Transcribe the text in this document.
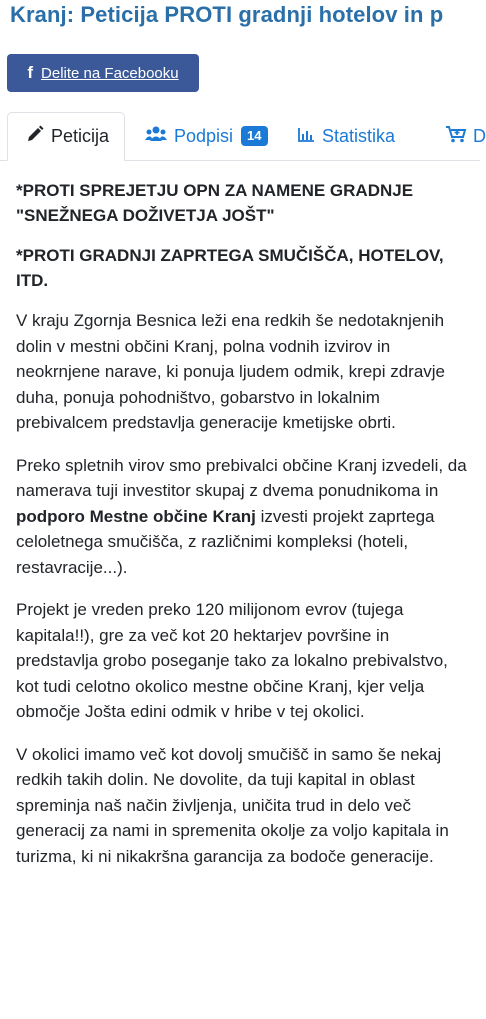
Kranj: Peticija PROTI gradnji hotelov in p
f Delite na Facebooku
Peticija	Podpisi	14	Statistika	D
*PROTI SPREJETJU OPN ZA NAMENE GRADNJE "SNEŽNEGA DOŽIVETJA JOŠT"
*PROTI GRADNJI ZAPRTEGA SMUČIŠČA, HOTELOV, ITD.

V kraju Zgornja Besnica leži ena redkih še nedotaknjenih dolin v mestni občini Kranj, polna vodnih izvirov in neokrnjene narave, ki ponuja ljudem odmik, krepi zdravje duha, ponuja pohodništvo, gobarstvo in lokalnim prebivalcem predstavlja generacije kmetijske obrti.

Preko spletnih virov smo prebivalci občine Kranj izvedeli, da namerava tuji investitor skupaj z dvema ponudnikoma in podporo Mestne občine Kranj izvesti projekt zaprtega celoletnega smučišča, z različnimi kompleksi (hoteli, restavracije...).

Projekt je vreden preko 120 milijonom evrov (tujega kapitala!!), gre za več kot 20 hektarjev površine in predstavlja grobo poseganje tako za lokalno prebivalstvo, kot tudi celotno okolico mestne občine Kranj, kjer velja območje Jošta edini odmik v hribe v tej okolici.

V okolici imamo več kot dovolj smučišč in samo še nekaj redkih takih dolin. Ne dovolite, da tuji kapital in oblast spreminja naš način življenja, uničita trud in delo več generacij za nami in spremenita okolje za voljo kapitala in turizma, ki ni nikakršna garancija za bodoče generacije.
